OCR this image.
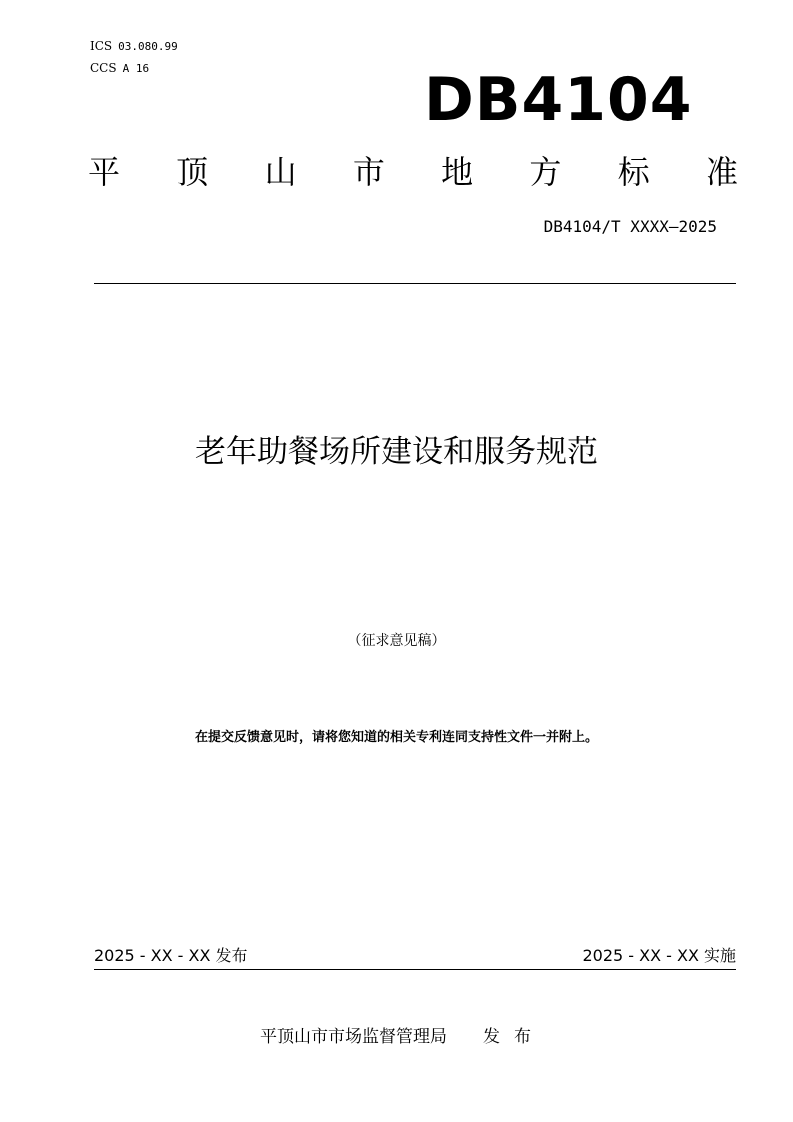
ICS 03.080.99
CCS A 16	DB4104
平 顶 山 市 地 方 标 准
DB4104/T XXXX—2025
老年助餐场所建设和服务规范
（征求意见稿）
在提交反馈意见时，请将您知道的相关专利连同支持性文件一并附上。
2025 - XX - XX 发布	2025 - XX - XX 实施
平顶山市市场监督管理局 发布
